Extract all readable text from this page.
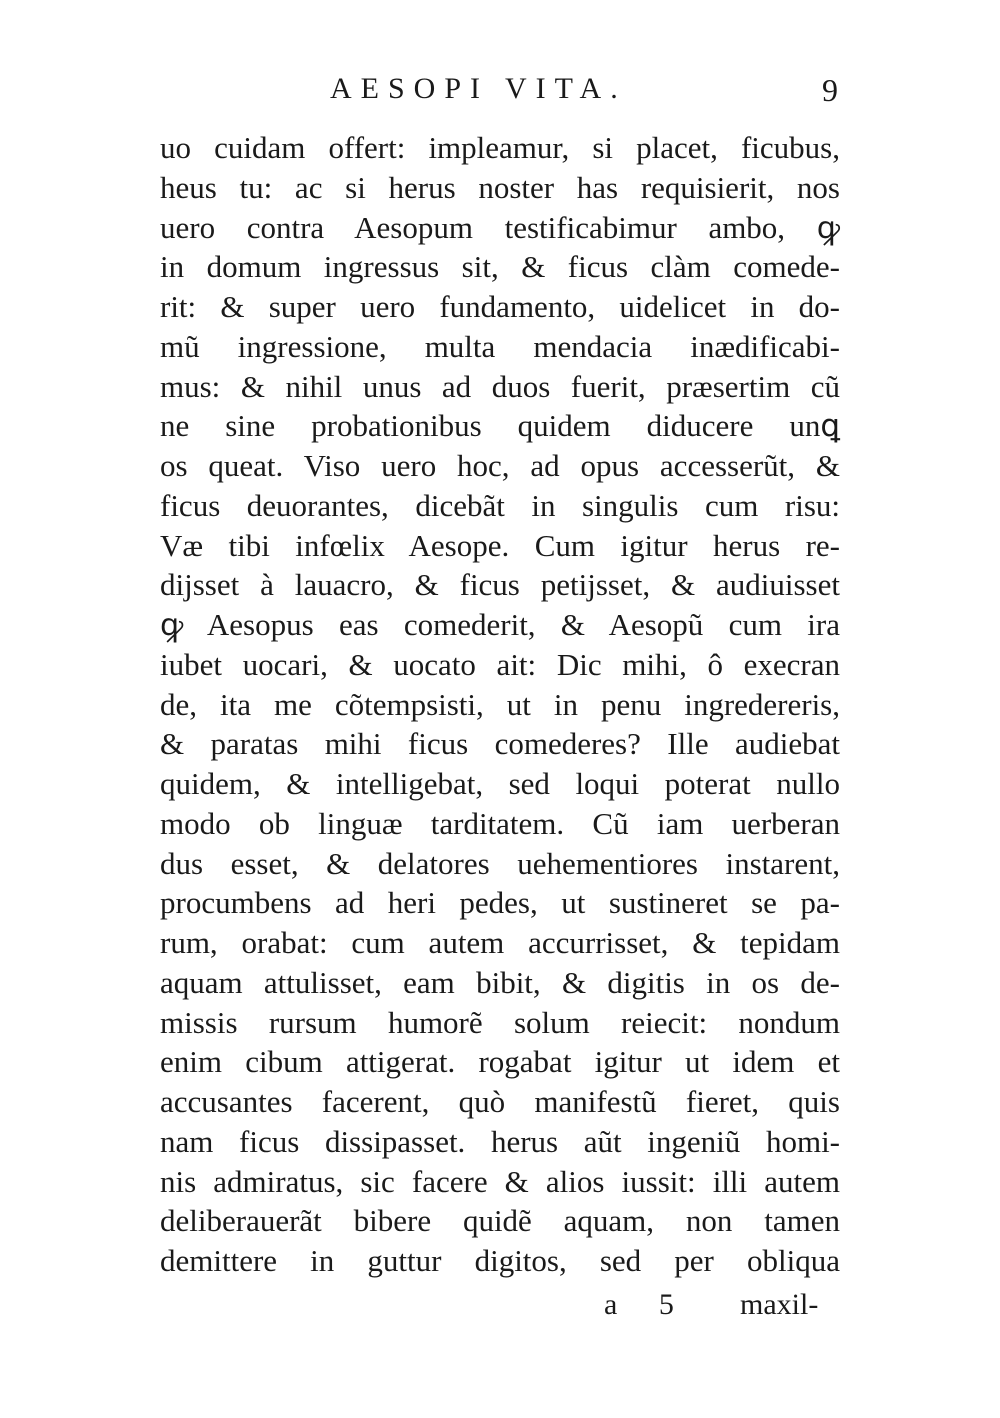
AESOPI VITA.	9
uo cuidam offert: impleamur, si placet, ficubus,
heus tu: ac si herus noster has requisierit, nos
uero contra Aesopum testificabimur ambo, ꝙ
in domum ingressus sit, & ficus clàm comede-
rit: & super uero fundamento, uidelicet in do-
mũ ingressione, multa mendacia inædificabi-
mus: & nihil unus ad duos fuerit, præsertim cũ
ne sine probationibus quidem diducere unꝗ
os queat. Viso uero hoc, ad opus accesserũt, &
ficus deuorantes, dicebãt in singulis cum risu:
Væ tibi infœlix Aesope. Cum igitur herus re-
dijsset à lauacro, & ficus petijsset, & audiuisset
ꝙ Aesopus eas comederit, & Aesopũ cum ira
iubet uocari, & uocato ait: Dic mihi, ô execran
de, ita me cõtempsisti, ut in penu ingredereris,
& paratas mihi ficus comederes? Ille audiebat
quidem, & intelligebat, sed loqui poterat nullo
modo ob linguæ tarditatem. Cũ iam uerberan
dus esset, & delatores uehementiores instarent,
procumbens ad heri pedes, ut sustineret se pa-
rum, orabat: cum autem accurrisset, & tepidam
aquam attulisset, eam bibit, & digitis in os de-
missis rursum humorẽ solum reiecit: nondum
enim cibum attigerat. rogabat igitur ut idem et
accusantes facerent, quò manifestũ fieret, quis
nam ficus dissipasset. herus aũt ingeniũ homi-
nis admiratus, sic facere & alios iussit: illi autem
deliberauerãt bibere quidẽ aquam, non tamen
demittere in guttur digitos, sed per obliqua
a 5 maxil-
